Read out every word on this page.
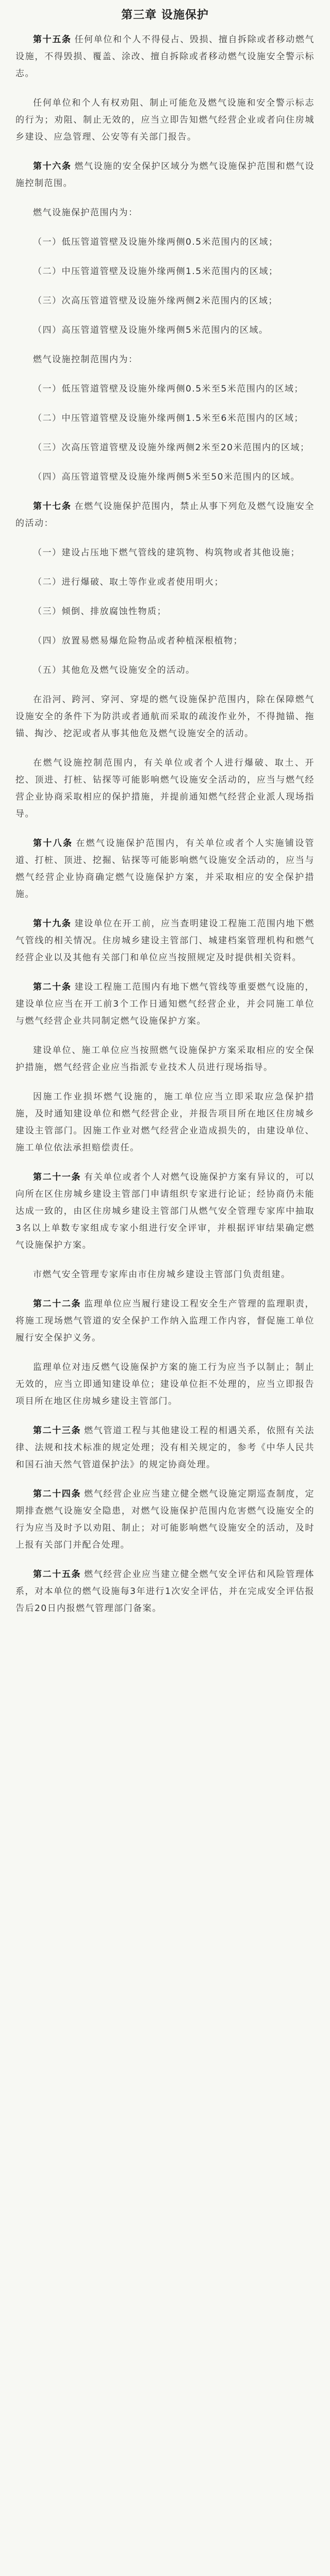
第三章 设施保护

第十五条 任何单位和个人不得侵占、毁损、擅自拆除或者移动燃气设施，不得毁损、覆盖、涂改、擅自拆除或者移动燃气设施安全警示标志。

任何单位和个人有权劝阻、制止可能危及燃气设施和安全警示标志的行为；劝阻、制止无效的，应当立即告知燃气经营企业或者向住房城乡建设、应急管理、公安等有关部门报告。

第十六条 燃气设施的安全保护区域分为燃气设施保护范围和燃气设施控制范围。

燃气设施保护范围内为：

（一）低压管道管壁及设施外缘两侧0.5米范围内的区域；

（二）中压管道管壁及设施外缘两侧1.5米范围内的区域；

（三）次高压管道管壁及设施外缘两侧2米范围内的区域；

（四）高压管道管壁及设施外缘两侧5米范围内的区域。

燃气设施控制范围内为：

（一）低压管道管壁及设施外缘两侧0.5米至5米范围内的区域；

（二）中压管道管壁及设施外缘两侧1.5米至6米范围内的区域；

（三）次高压管道管壁及设施外缘两侧2米至20米范围内的区域；

（四）高压管道管壁及设施外缘两侧5米至50米范围内的区域。

第十七条 在燃气设施保护范围内，禁止从事下列危及燃气设施安全的活动：

（一）建设占压地下燃气管线的建筑物、构筑物或者其他设施；

（二）进行爆破、取土等作业或者使用明火；

（三）倾倒、排放腐蚀性物质；

（四）放置易燃易爆危险物品或者种植深根植物；

（五）其他危及燃气设施安全的活动。

在沿河、跨河、穿河、穿堤的燃气设施保护范围内，除在保障燃气设施安全的条件下为防洪或者通航而采取的疏浚作业外，不得抛锚、拖锚、掏沙、挖泥或者从事其他危及燃气设施安全的活动。

在燃气设施控制范围内，有关单位或者个人进行爆破、取土、开挖、顶进、打桩、钻探等可能影响燃气设施安全活动的，应当与燃气经营企业协商采取相应的保护措施，并提前通知燃气经营企业派人现场指导。

第十八条 在燃气设施保护范围内，有关单位或者个人实施铺设管道、打桩、顶进、挖掘、钻探等可能影响燃气设施安全活动的，应当与燃气经营企业协商确定燃气设施保护方案，并采取相应的安全保护措施。

第十九条 建设单位在开工前，应当查明建设工程施工范围内地下燃气管线的相关情况。住房城乡建设主管部门、城建档案管理机构和燃气经营企业以及其他有关部门和单位应当按照规定及时提供相关资料。

第二十条 建设工程施工范围内有地下燃气管线等重要燃气设施的，建设单位应当在开工前3个工作日通知燃气经营企业，并会同施工单位与燃气经营企业共同制定燃气设施保护方案。

建设单位、施工单位应当按照燃气设施保护方案采取相应的安全保护措施，燃气经营企业应当指派专业技术人员进行现场指导。

因施工作业损坏燃气设施的，施工单位应当立即采取应急保护措施，及时通知建设单位和燃气经营企业，并报告项目所在地区住房城乡建设主管部门。因施工作业对燃气经营企业造成损失的，由建设单位、施工单位依法承担赔偿责任。

第二十一条 有关单位或者个人对燃气设施保护方案有异议的，可以向所在区住房城乡建设主管部门申请组织专家进行论证；经协商仍未能达成一致的，由区住房城乡建设主管部门从燃气安全管理专家库中抽取3名以上单数专家组成专家小组进行安全评审，并根据评审结果确定燃气设施保护方案。

市燃气安全管理专家库由市住房城乡建设主管部门负责组建。

第二十二条 监理单位应当履行建设工程安全生产管理的监理职责，将施工现场燃气管道的安全保护工作纳入监理工作内容，督促施工单位履行安全保护义务。

监理单位对违反燃气设施保护方案的施工行为应当予以制止；制止无效的，应当立即通知建设单位；建设单位拒不处理的，应当立即报告项目所在地区住房城乡建设主管部门。

第二十三条 燃气管道工程与其他建设工程的相遇关系，依照有关法律、法规和技术标准的规定处理；没有相关规定的，参考《中华人民共和国石油天然气管道保护法》的规定协商处理。

第二十四条 燃气经营企业应当建立健全燃气设施定期巡查制度，定期排查燃气设施安全隐患，对燃气设施保护范围内危害燃气设施安全的行为应当及时予以劝阻、制止；对可能影响燃气设施安全的活动，及时上报有关部门并配合处理。

第二十五条 燃气经营企业应当建立健全燃气安全评估和风险管理体系，对本单位的燃气设施每3年进行1次安全评估，并在完成安全评估报告后20日内报燃气管理部门备案。
